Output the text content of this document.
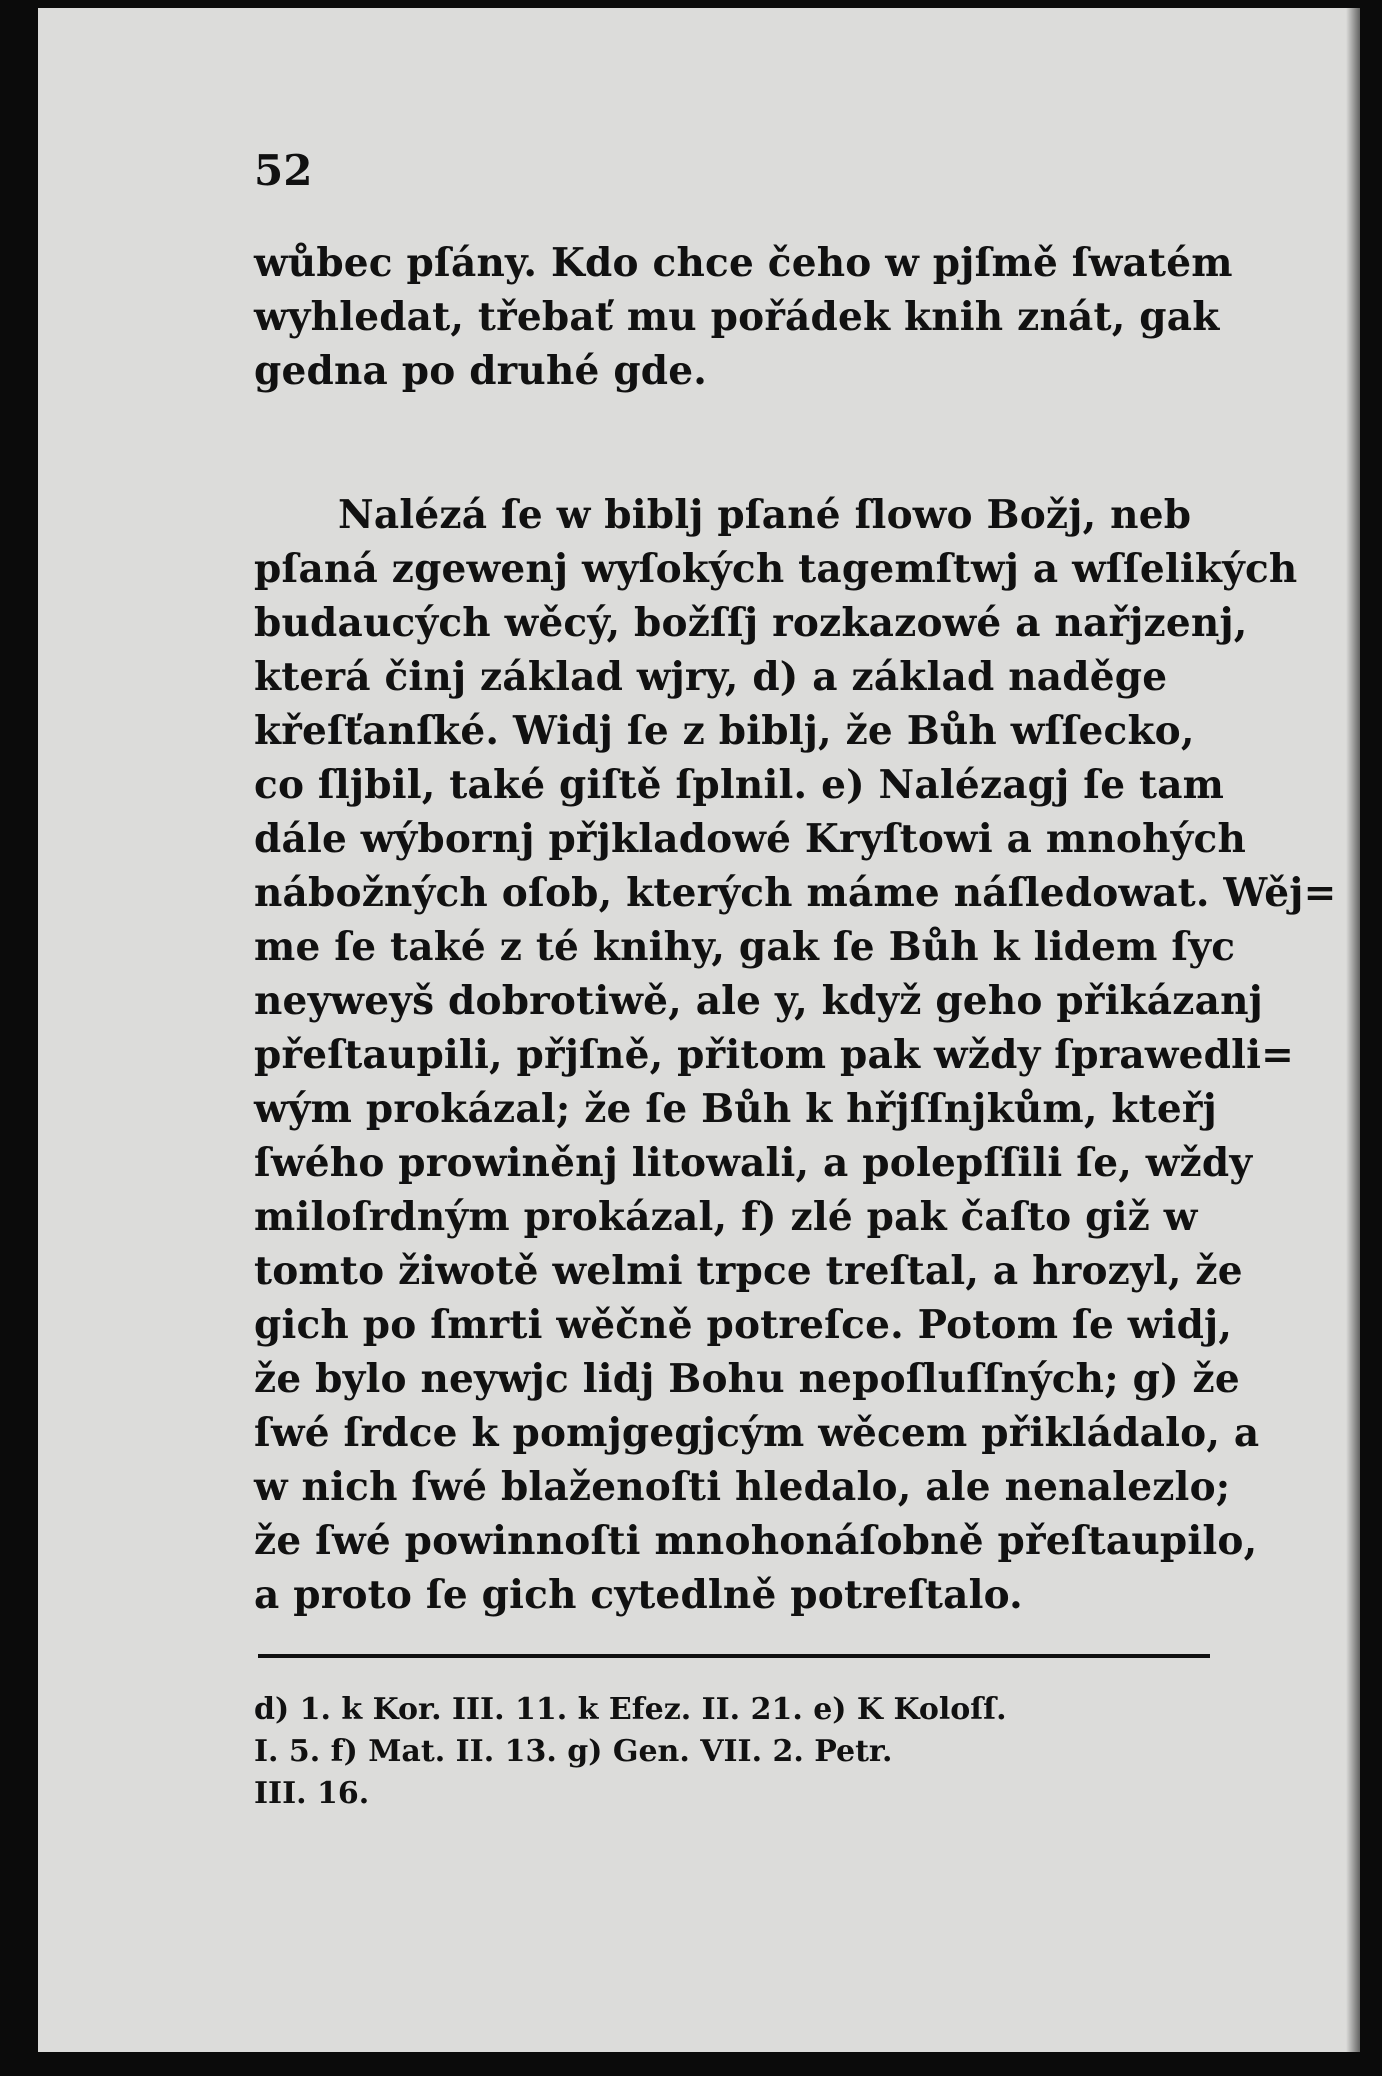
52
wůbec pſány. Kdo chce čeho w pjſmě ſwatém
wyhledat, třebať mu pořádek knih znát, gak
gedna po druhé gde.
Nalézá ſe w biblj pſané ſlowo Božj, neb
pſaná zgewenj wyſokých tagemſtwj a wſſelikých
budaucých wěcý, božſſj rozkazowé a nařjzenj,
která činj základ wjry, d) a základ naděge
křeſťanſké. Widj ſe z biblj, že Bůh wſſecko,
co ſljbil, také giſtě ſplnil. e) Nalézagj ſe tam
dále wýbornj přjkladowé Kryſtowi a mnohých
nábožných oſob, kterých máme náſledowat. Wěj=
me ſe také z té knihy, gak ſe Bůh k lidem ſyc
neyweyš dobrotiwě, ale y, když geho přikázanj
přeſtaupili, přjſně, přitom pak wždy ſprawedli=
wým prokázal; že ſe Bůh k hřjſſnjkům, kteřj
ſwého prowiněnj litowali, a polepſſili ſe, wždy
miloſrdným prokázal, f) zlé pak čaſto giž w
tomto žiwotě welmi trpce treſtal, a hrozyl, že
gich po ſmrti wěčně potreſce. Potom ſe widj,
že bylo neywjc lidj Bohu nepoſluſſných; g) že
ſwé ſrdce k pomjgegjcým wěcem přikládalo, a
w nich ſwé blaženoſti hledalo, ale nenalezlo;
že ſwé powinnoſti mnohonáſobně přeſtaupilo,
a proto ſe gich cytedlně potreſtalo.
d) 1. k Kor. III. 11. k Efez. II. 21. e) K Koloſſ.
I. 5. f) Mat. II. 13. g) Gen. VII. 2. Petr.
III. 16.
